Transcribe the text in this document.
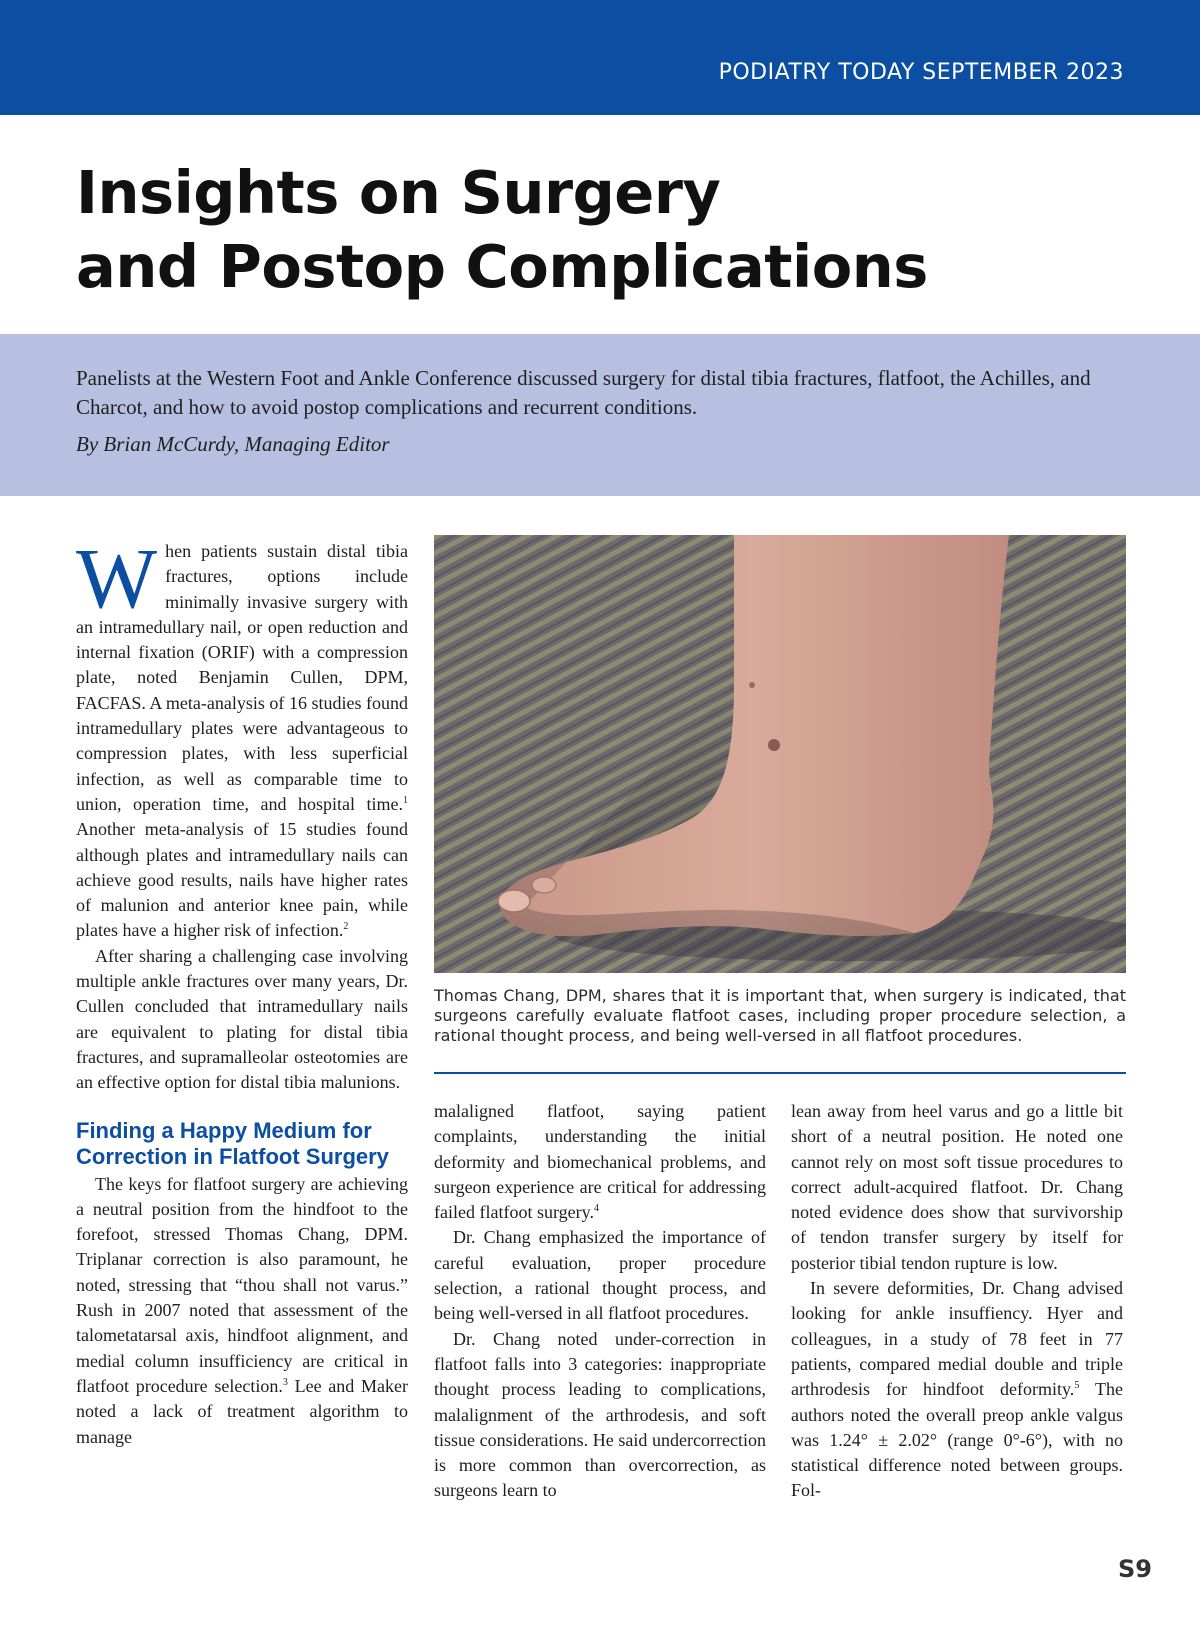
PODIATRY TODAY SEPTEMBER 2023
Insights on Surgery
and Postop Complications

Panelists at the Western Foot and Ankle Conference discussed surgery for distal tibia fractures, flatfoot, the Achilles, and Charcot, and how to avoid postop complications and recurrent conditions.

By Brian McCurdy, Managing Editor

When patients sustain distal tibia fractures, options include minimally invasive surgery with an intramedullary nail, or open reduction and internal fixation (ORIF) with a compression plate, noted Benjamin Cullen, DPM, FACFAS. A meta-analysis of 16 studies found intramedullary plates were advantageous to compression plates, with less superficial infection, as well as comparable time to union, operation time, and hospital time.$^1$ Another meta-analysis of 15 studies found although plates and intramedullary nails can achieve good results, nails have higher rates of malunion and anterior knee pain, while plates have a higher risk of infection.$^2$

After sharing a challenging case involving multiple ankle fractures over many years, Dr. Cullen concluded that intramedullary nails are equivalent to plating for distal tibia fractures, and supramalleolar osteotomies are an effective option for distal tibia malunions.

Finding a Happy Medium for Correction in Flatfoot Surgery

The keys for flatfoot surgery are achieving a neutral position from the hindfoot to the forefoot, stressed Thomas Chang, DPM. Triplanar correction is also paramount, he noted, stressing that “thou shall not varus.” Rush in 2007 noted that assessment of the talometatarsal axis, hindfoot alignment, and medial column insufficiency are critical in flatfoot procedure selection.$^3$ Lee and Maker noted a lack of treatment algorithm to manage

Thomas Chang, DPM, shares that it is important that, when surgery is indicated, that surgeons carefully evaluate flatfoot cases, including proper procedure selection, a rational thought process, and being well-versed in all flatfoot procedures.

malaligned flatfoot, saying patient complaints, understanding the initial deformity and biomechanical problems, and surgeon experience are critical for addressing failed flatfoot surgery.$^4$

Dr. Chang emphasized the importance of careful evaluation, proper procedure selection, a rational thought process, and being well-versed in all flatfoot procedures.

Dr. Chang noted under-correction in flatfoot falls into 3 categories: inappropriate thought process leading to complications, malalignment of the arthrodesis, and soft tissue considerations. He said undercorrection is more common than overcorrection, as surgeons learn to

lean away from heel varus and go a little bit short of a neutral position. He noted one cannot rely on most soft tissue procedures to correct adult-acquired flatfoot. Dr. Chang noted evidence does show that survivorship of tendon transfer surgery by itself for posterior tibial tendon rupture is low.

In severe deformities, Dr. Chang advised looking for ankle insuffiency. Hyer and colleagues, in a study of 78 feet in 77 patients, compared medial double and triple arthrodesis for hindfoot deformity.$^5$ The authors noted the overall preop ankle valgus was 1.24° ± 2.02° (range 0°-6°), with no statistical difference noted between groups. Fol-

S9
